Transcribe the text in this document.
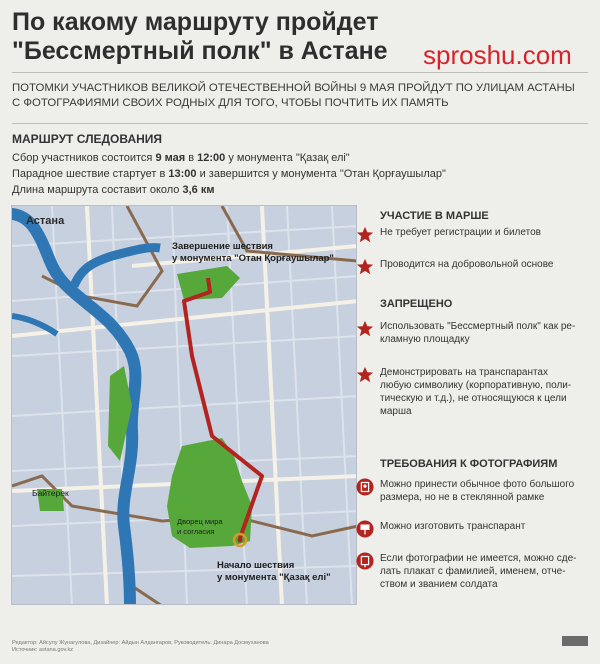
По какому маршруту пройдет
"Бессмертный полк" в Астане	sproshu.com
ПОТОМКИ УЧАСТНИКОВ ВЕЛИКОЙ ОТЕЧЕСТВЕННОЙ ВОЙНЫ 9 МАЯ ПРОЙДУТ ПО УЛИЦАМ АСТАНЫ
С ФОТОГРАФИЯМИ СВОИХ РОДНЫХ ДЛЯ ТОГО, ЧТОБЫ ПОЧТИТЬ ИХ ПАМЯТЬ
МАРШРУТ СЛЕДОВАНИЯ
Сбор участников состоится 9 мая в 12:00 у монумента "Қазақ елі"
Парадное шествие стартует в 13:00 и завершится у монумента "Отан Қорғаушылар"
Длина маршрута составит около 3,6 км
Астана
Завершение шествия
у монумента "Отан Қорғаушылар"
Байтерек
Дворец мира
и согласия
Начало шествия
у монумента "Қазақ елі"
УЧАСТИЕ В МАРШЕ
Не требует регистрации и билетов
Проводится на добровольной основе
ЗАПРЕЩЕНО
Использовать "Бессмертный полк" как ре-
кламную площадку
Демонстрировать на транспарантах
любую символику (корпоративную, поли-
тическую и т.д.), не относящуюся к цели
марша
ТРЕБОВАНИЯ К ФОТОГРАФИЯМ
Можно принести обычное фото большого
размера, но не в стеклянной рамке
Можно изготовить транспарант
Если фотографии не имеется, можно сде-
лать плакат с фамилией, именем, отче-
ством и званием солдата
Редактор: Айсулу Жунагулова, Дизайнер: Айдын Алдангаров, Руководитель: Динара Досмуханова
Источник: astana.gov.kz
